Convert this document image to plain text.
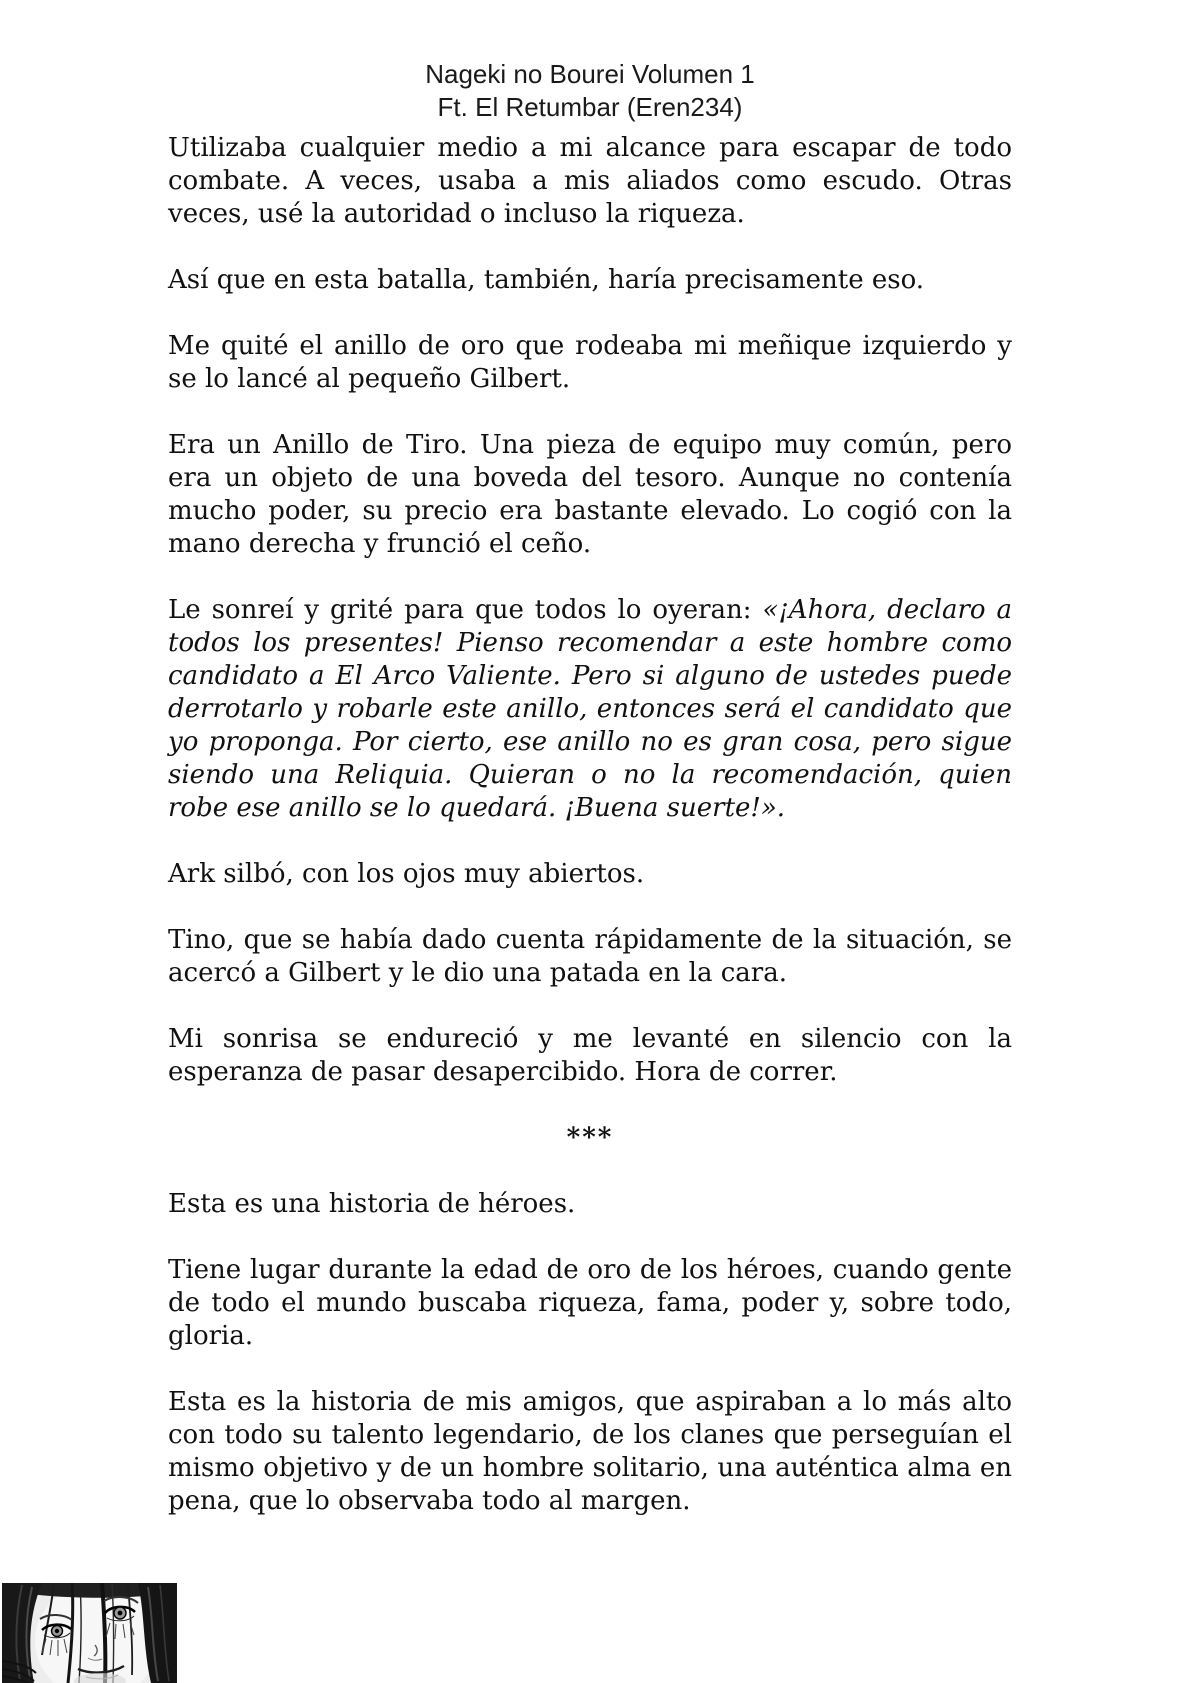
Nageki no Bourei Volumen 1
Ft. El Retumbar (Eren234)
Utilizaba cualquier medio a mi alcance para escapar de todo combate. A veces, usaba a mis aliados como escudo. Otras veces, usé la autoridad o incluso la riqueza.
Así que en esta batalla, también, haría precisamente eso.
Me quité el anillo de oro que rodeaba mi meñique izquierdo y se lo lancé al pequeño Gilbert.
Era un Anillo de Tiro. Una pieza de equipo muy común, pero era un objeto de una boveda del tesoro. Aunque no contenía mucho poder, su precio era bastante elevado. Lo cogió con la mano derecha y frunció el ceño.
Le sonreí y grité para que todos lo oyeran: «¡Ahora, declaro a todos los presentes! Pienso recomendar a este hombre como candidato a El Arco Valiente. Pero si alguno de ustedes puede derrotarlo y robarle este anillo, entonces será el candidato que yo proponga. Por cierto, ese anillo no es gran cosa, pero sigue siendo una Reliquia. Quieran o no la recomendación, quien robe ese anillo se lo quedará. ¡Buena suerte!».
Ark silbó, con los ojos muy abiertos.
Tino, que se había dado cuenta rápidamente de la situación, se acercó a Gilbert y le dio una patada en la cara.
Mi sonrisa se endureció y me levanté en silencio con la esperanza de pasar desapercibido. Hora de correr.
***
Esta es una historia de héroes.
Tiene lugar durante la edad de oro de los héroes, cuando gente de todo el mundo buscaba riqueza, fama, poder y, sobre todo, gloria.
Esta es la historia de mis amigos, que aspiraban a lo más alto con todo su talento legendario, de los clanes que perseguían el mismo objetivo y de un hombre solitario, una auténtica alma en pena, que lo observaba todo al margen.
